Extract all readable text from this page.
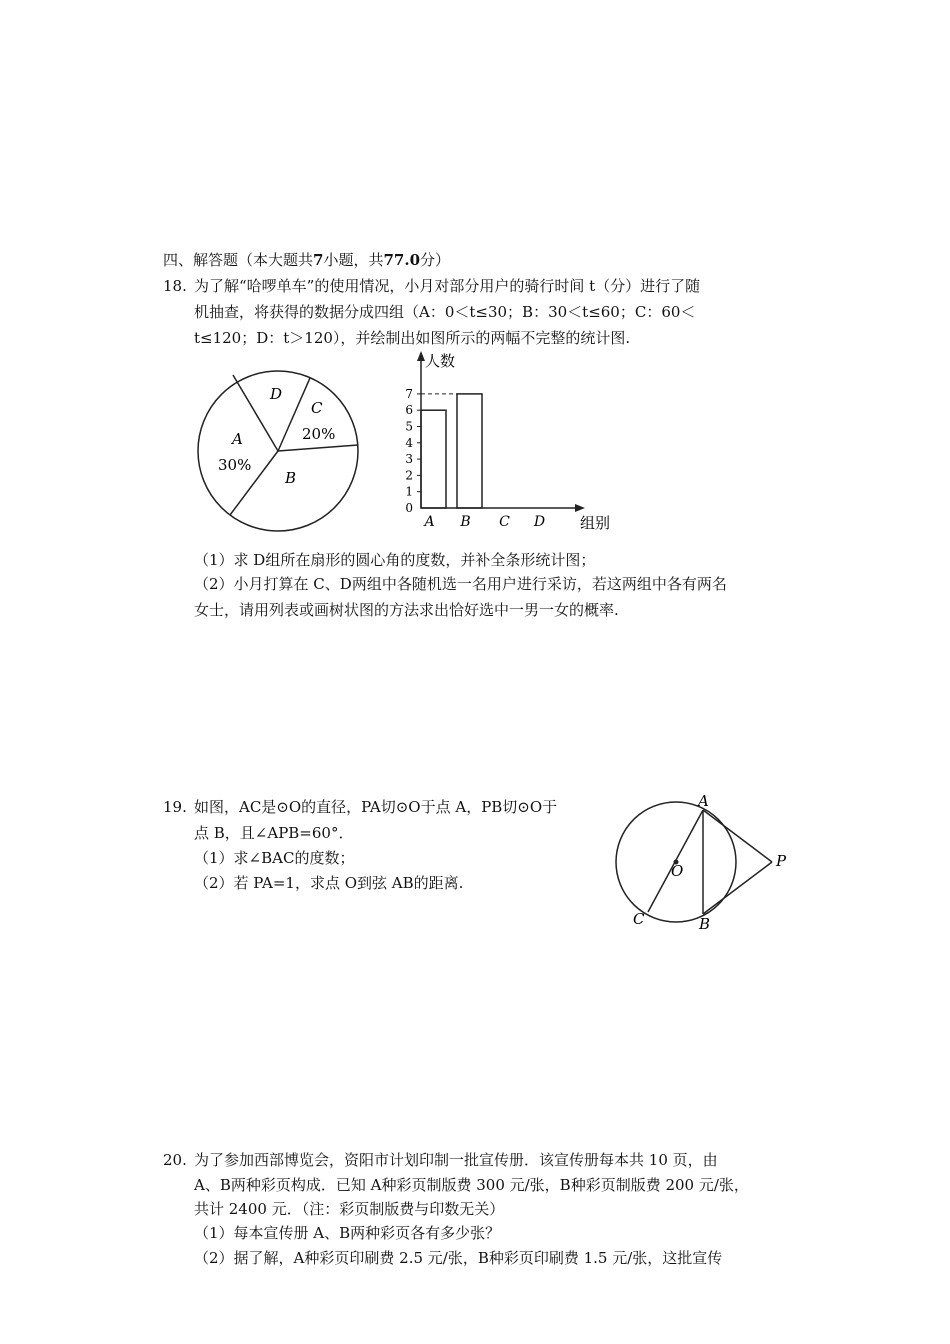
四、解答题（本大题共7小题，共77.0分）
18. 为了解“哈啰单车”的使用情况，小月对部分用户的骑行时间 t（分）进行了随
机抽查，将获得的数据分成四组（A：0＜t≤30；B：30＜t≤60；C：60＜
t≤120；D：t＞120），并绘制出如图所示的两幅不完整的统计图.
D
C
20%
A
30%
B
0
1
2
3
4
5
6
7
A B C D
人数
组别
（1）求 D组所在扇形的圆心角的度数，并补全条形统计图；
（2）小月打算在 C、D两组中各随机选一名用户进行采访，若这两组中各有两名
女士，请用列表或画树状图的方法求出恰好选中一男一女的概率.
19. 如图，AC是⊙O的直径，PA切⊙O于点 A，PB切⊙O于
点 B，且∠APB=60°．
（1）求∠BAC的度数；
（2）若 PA=1，求点 O到弦 AB的距离.
A
B
C
O
P
20. 为了参加西部博览会，资阳市计划印制一批宣传册．该宣传册每本共 10 页，由
A、B两种彩页构成．已知 A种彩页制版费 300 元/张，B种彩页制版费 200 元/张，
共计 2400 元．（注：彩页制版费与印数无关）
（1）每本宣传册 A、B两种彩页各有多少张？
（2）据了解，A种彩页印刷费 2.5 元/张，B种彩页印刷费 1.5 元/张，这批宣传
